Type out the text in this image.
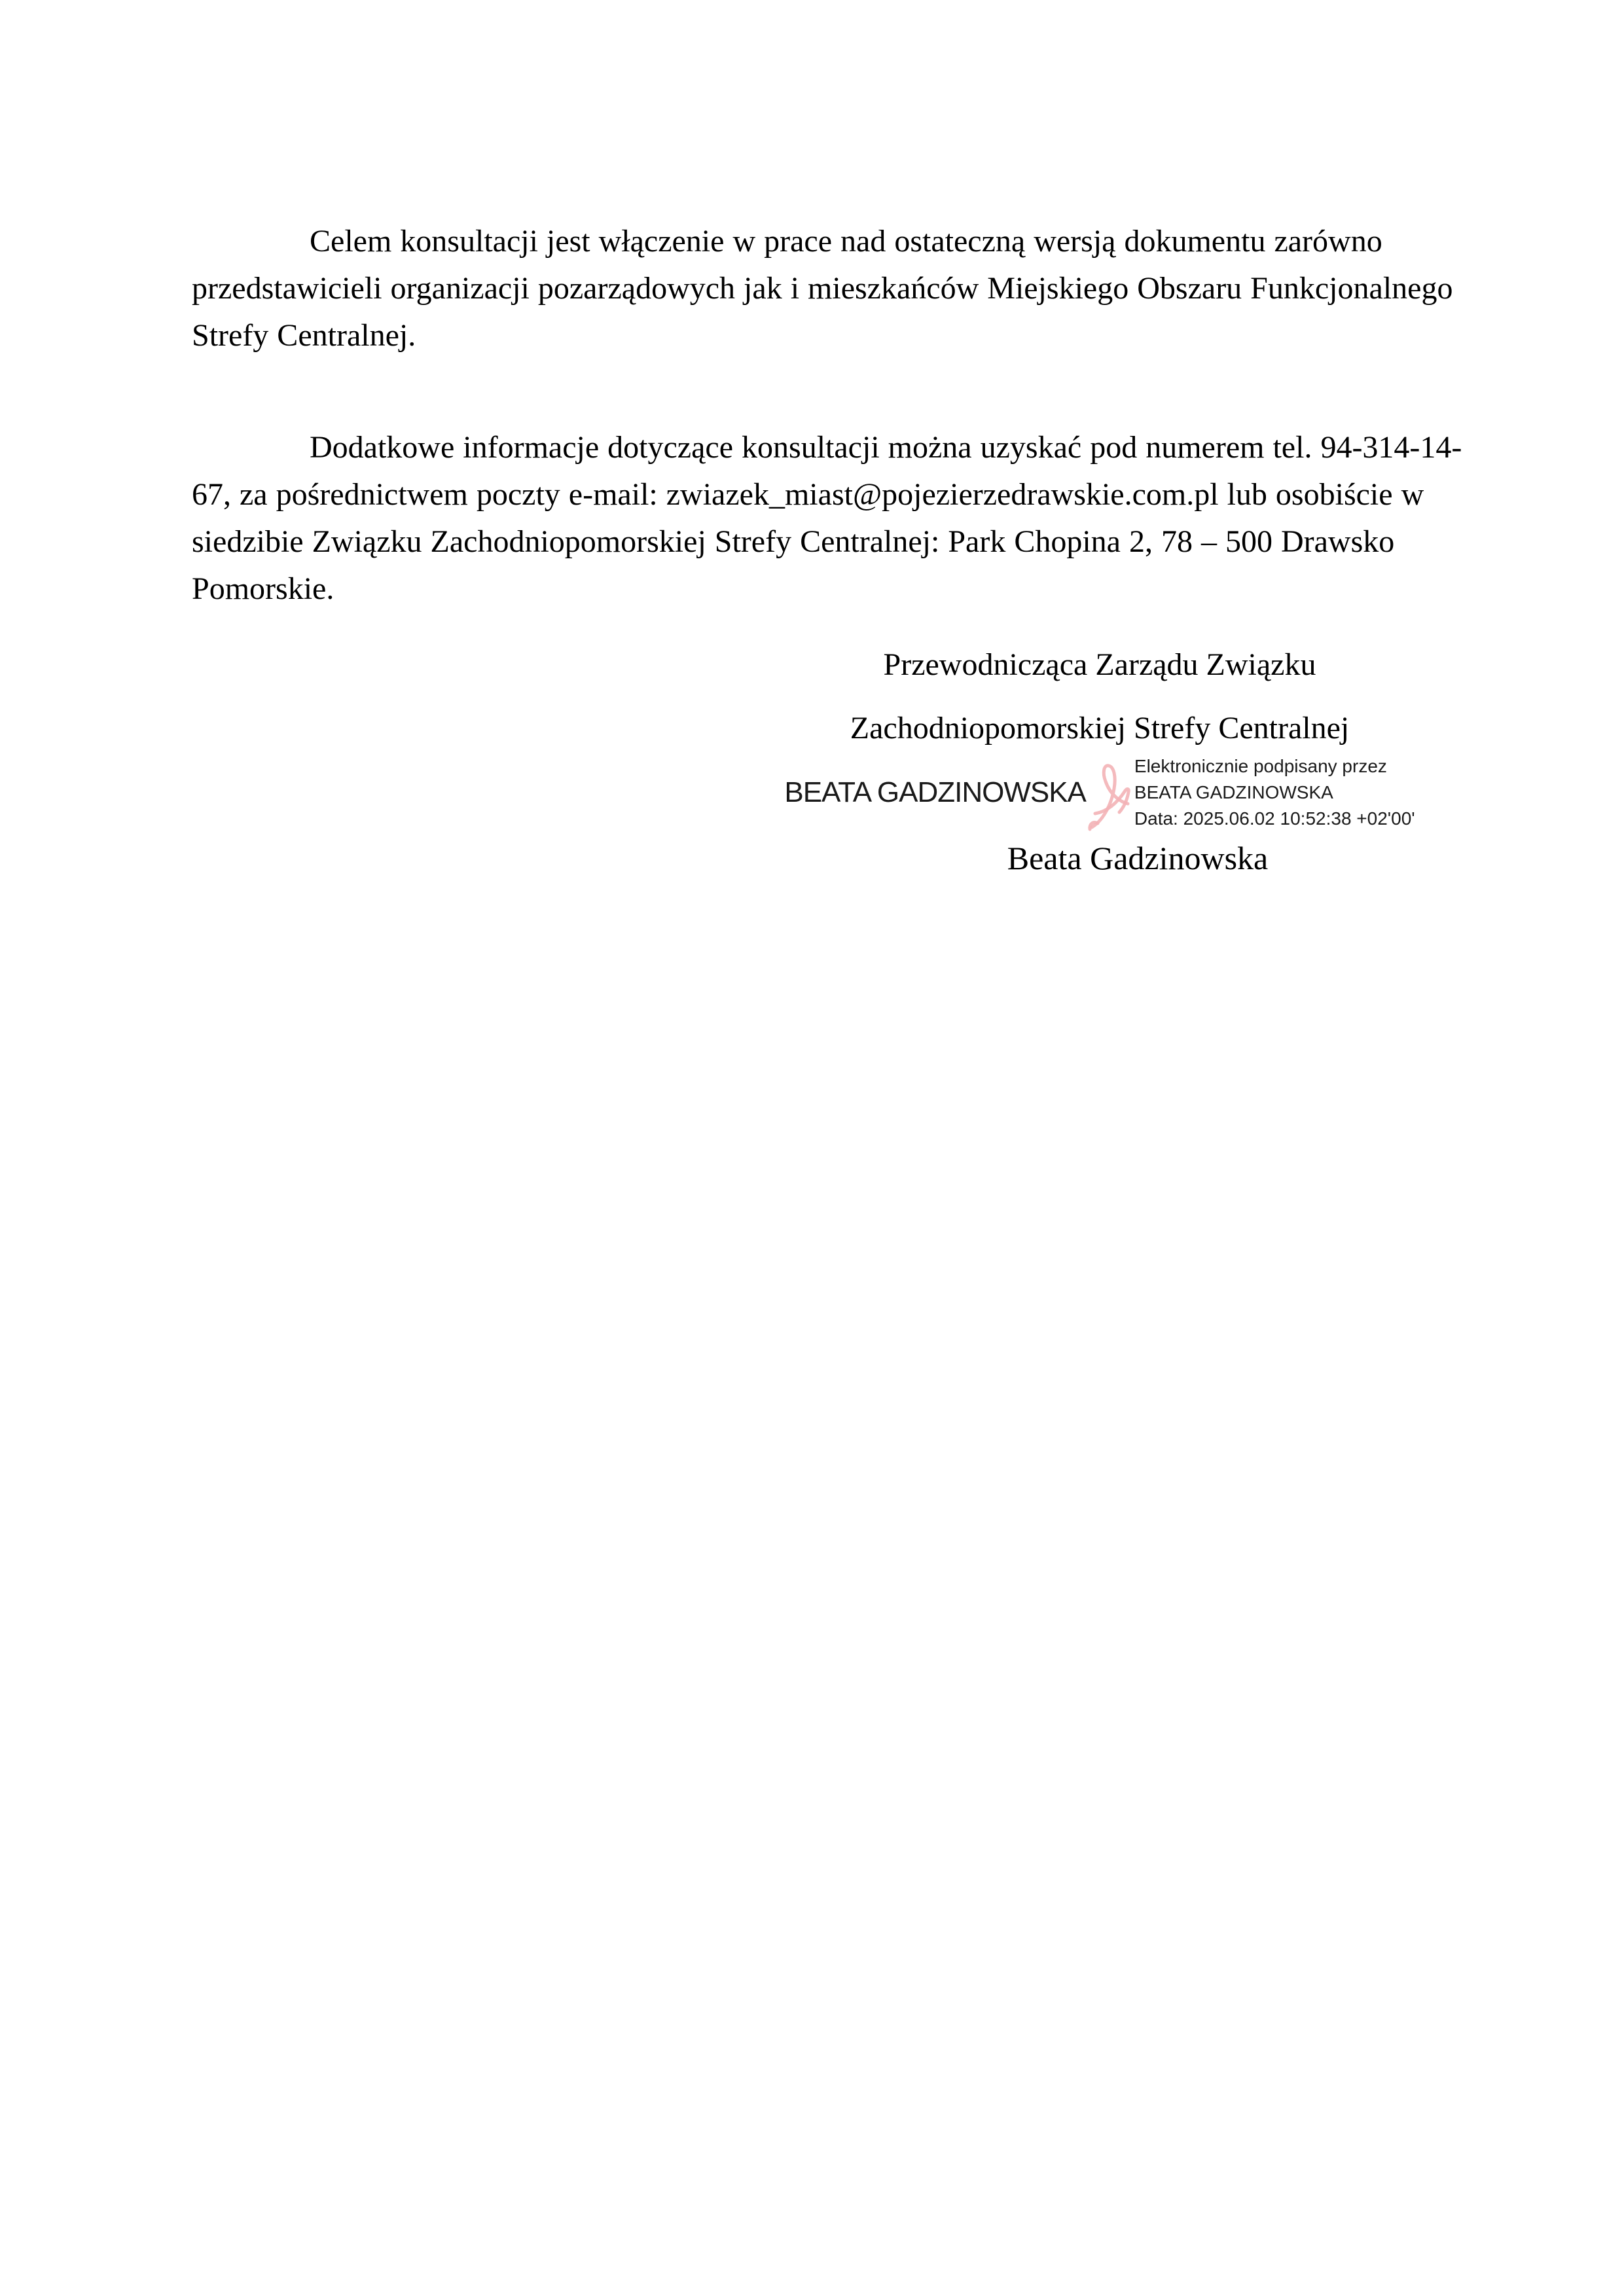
Celem konsultacji jest włączenie w prace nad ostateczną wersją dokumentu zarówno przedstawicieli organizacji pozarządowych jak i mieszkańców Miejskiego Obszaru Funkcjonalnego Strefy Centralnej.

Dodatkowe informacje dotyczące konsultacji można uzyskać pod numerem tel. 94-314-14-67, za pośrednictwem poczty e-mail: zwiazek_miast@pojezierzedrawskie.com.pl lub osobiście w siedzibie Związku Zachodniopomorskiej Strefy Centralnej: Park Chopina 2, 78 – 500 Drawsko Pomorskie.

Przewodnicząca Zarządu Związku
Zachodniopomorskiej Strefy Centralnej
BEATA GADZINOWSKA
Elektronicznie podpisany przez
BEATA GADZINOWSKA
Data: 2025.06.02 10:52:38 +02'00'
Beata Gadzinowska
